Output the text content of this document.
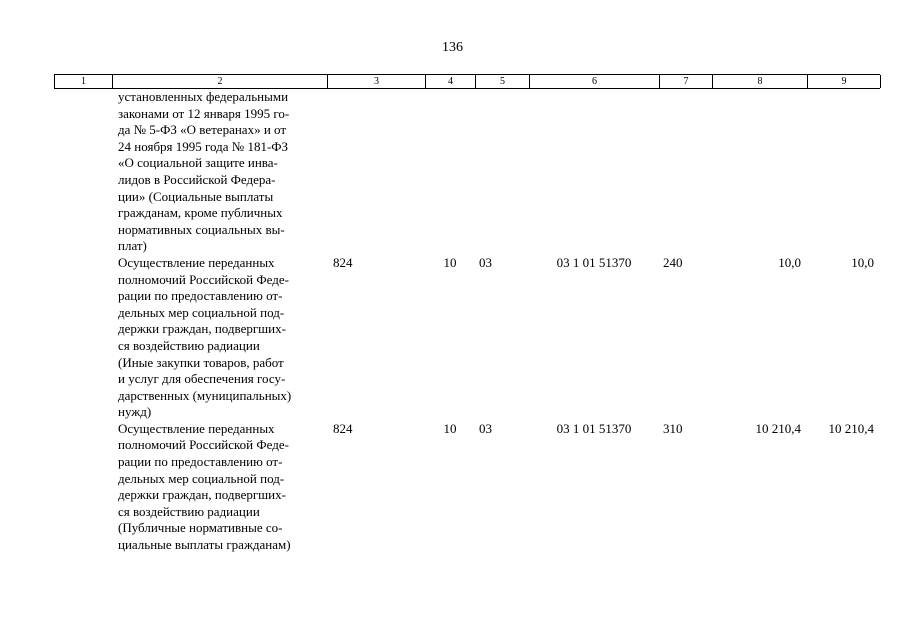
136
1	2	3	4	5	6	7	8	9
установленных федеральными
законами от 12 января 1995 го-
да № 5-ФЗ «О ветеранах» и от
24 ноября 1995 года № 181-ФЗ
«О социальной защите инва-
лидов в Российской Федера-
ции» (Социальные выплаты
гражданам, кроме публичных
нормативных социальных вы-
плат)
Осуществление переданных
полномочий Российской Феде-
рации по предоставлению от-
дельных мер социальной под-
держки граждан, подвергших-
ся воздействию радиации
(Иные закупки товаров, работ
и услуг для обеспечения госу-
дарственных (муниципальных)
нужд)
824	10	03	03 1 01 51370	240	10,0	10,0
Осуществление переданных
полномочий Российской Феде-
рации по предоставлению от-
дельных мер социальной под-
держки граждан, подвергших-
ся воздействию радиации
(Публичные нормативные со-
циальные выплаты гражданам)
824	10	03	03 1 01 51370	310	10 210,4	10 210,4
